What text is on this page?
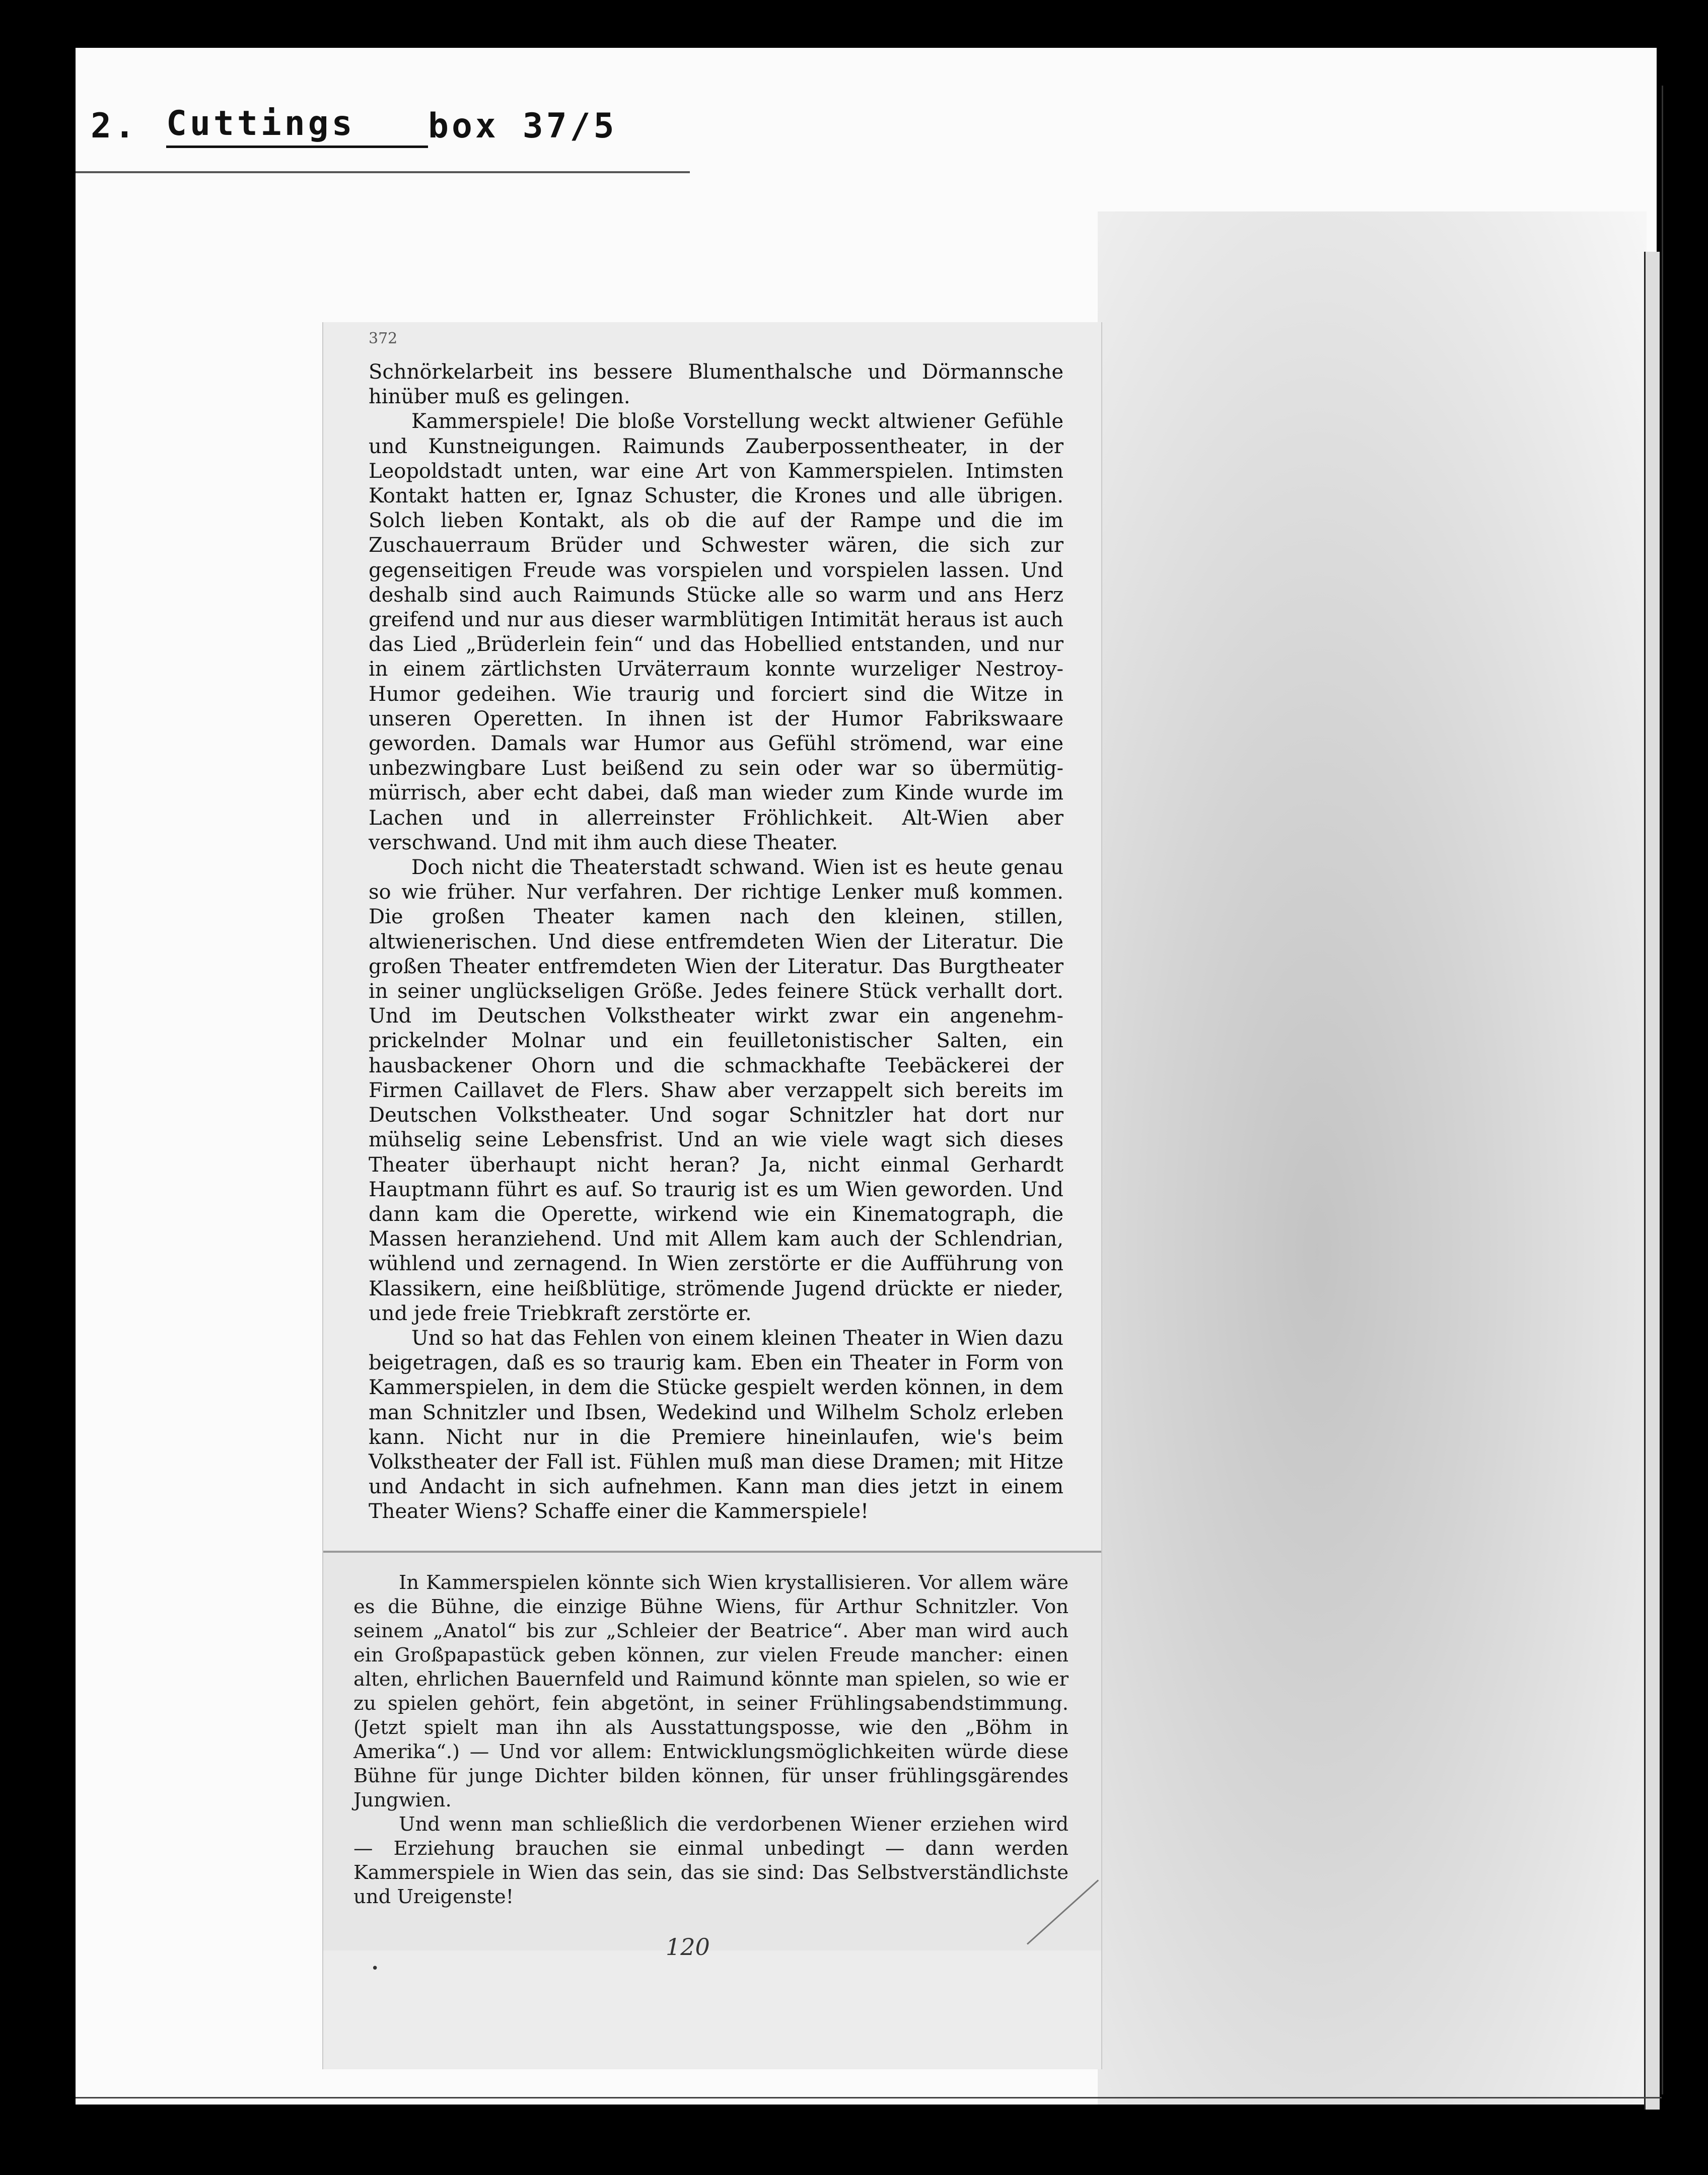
2. Cuttings	box 37/5
372

Schnörkelarbeit ins bessere Blumenthalsche und Dörmannsche hinüber muß es gelingen.

Kammerspiele! Die bloße Vorstellung weckt altwiener Gefühle und Kunstneigungen. Raimunds Zauberpossentheater, in der Leopoldstadt unten, war eine Art von Kammerspielen. Intimsten Kontakt hatten er, Ignaz Schuster, die Krones und alle übrigen. Solch lieben Kontakt, als ob die auf der Rampe und die im Zuschauerraum Brüder und Schwester wären, die sich zur gegenseitigen Freude was vorspielen und vorspielen lassen. Und deshalb sind auch Raimunds Stücke alle so warm und ans Herz greifend und nur aus dieser warmblütigen Intimität heraus ist auch das Lied „Brüderlein fein“ und das Hobellied entstanden, und nur in einem zärtlichsten Urväterraum konnte wurzeliger Nestroy-Humor gedeihen. Wie traurig und forciert sind die Witze in unseren Operetten. In ihnen ist der Humor Fabrikswaare geworden. Damals war Humor aus Gefühl strömend, war eine unbezwingbare Lust beißend zu sein oder war so übermütig-mürrisch, aber echt dabei, daß man wieder zum Kinde wurde im Lachen und in allerreinster Fröhlichkeit. Alt-Wien aber verschwand. Und mit ihm auch diese Theater.

Doch nicht die Theaterstadt schwand. Wien ist es heute genau so wie früher. Nur verfahren. Der richtige Lenker muß kommen. Die großen Theater kamen nach den kleinen, stillen, altwienerischen. Und diese entfremdeten Wien der Literatur. Die großen Theater entfremdeten Wien der Literatur. Das Burgtheater in seiner unglückseligen Größe. Jedes feinere Stück verhallt dort. Und im Deutschen Volkstheater wirkt zwar ein angenehm-prickelnder Molnar und ein feuilletonistischer Salten, ein hausbackener Ohorn und die schmackhafte Teebäckerei der Firmen Caillavet de Flers. Shaw aber verzappelt sich bereits im Deutschen Volkstheater. Und sogar Schnitzler hat dort nur mühselig seine Lebensfrist. Und an wie viele wagt sich dieses Theater überhaupt nicht heran? Ja, nicht einmal Gerhardt Hauptmann führt es auf. So traurig ist es um Wien geworden. Und dann kam die Operette, wirkend wie ein Kinematograph, die Massen heranziehend. Und mit Allem kam auch der Schlendrian, wühlend und zernagend. In Wien zerstörte er die Aufführung von Klassikern, eine heißblütige, strömende Jugend drückte er nieder, und jede freie Triebkraft zerstörte er.

Und so hat das Fehlen von einem kleinen Theater in Wien dazu beigetragen, daß es so traurig kam. Eben ein Theater in Form von Kammerspielen, in dem die Stücke gespielt werden können, in dem man Schnitzler und Ibsen, Wedekind und Wilhelm Scholz erleben kann. Nicht nur in die Premiere hineinlaufen, wie's beim Volkstheater der Fall ist. Fühlen muß man diese Dramen; mit Hitze und Andacht in sich aufnehmen. Kann man dies jetzt in einem Theater Wiens? Schaffe einer die Kammerspiele!

In Kammerspielen könnte sich Wien krystallisieren. Vor allem wäre es die Bühne, die einzige Bühne Wiens, für Arthur Schnitzler. Von seinem „Anatol“ bis zur „Schleier der Beatrice“. Aber man wird auch ein Großpapastück geben können, zur vielen Freude mancher: einen alten, ehrlichen Bauernfeld und Raimund könnte man spielen, so wie er zu spielen gehört, fein abgetönt, in seiner Frühlingsabendstimmung. (Jetzt spielt man ihn als Ausstattungsposse, wie den „Böhm in Amerika“.) — Und vor allem: Entwicklungsmöglichkeiten würde diese Bühne für junge Dichter bilden können, für unser frühlingsgärendes Jungwien.

Und wenn man schließlich die verdorbenen Wiener erziehen wird — Erziehung brauchen sie einmal unbedingt — dann werden Kammerspiele in Wien das sein, das sie sind: Das Selbstverständlichste und Ureigenste!

120
•
